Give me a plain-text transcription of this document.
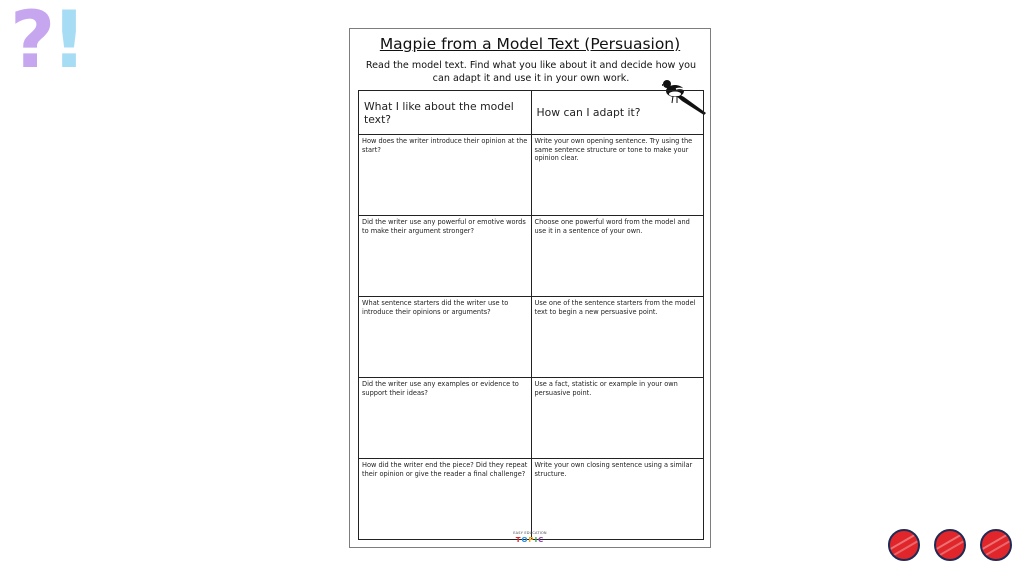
?!	Magpie from a Model Text (Persuasion)
Read the model text. Find what you like about it and decide how you can adapt it and use it in your own work.
What I like about the model text?	How can I adapt it?
How does the writer introduce their opinion at the start?	Write your own opening sentence. Try using the same sentence structure or tone to make your opinion clear.
Did the writer use any powerful or emotive words to make their argument stronger?	Choose one powerful word from the model and use it in a sentence of your own.
What sentence starters did the writer use to introduce their opinions or arguments?	Use one of the sentence starters from the model text to begin a new persuasive point.
Did the writer use any examples or evidence to support their ideas?	Use a fact, statistic or example in your own persuasive point.
How did the writer end the piece? Did they repeat their opinion or give the reader a final challenge?	Write your own closing sentence using a similar structure.
EASY EDUCATION
TOPIC
